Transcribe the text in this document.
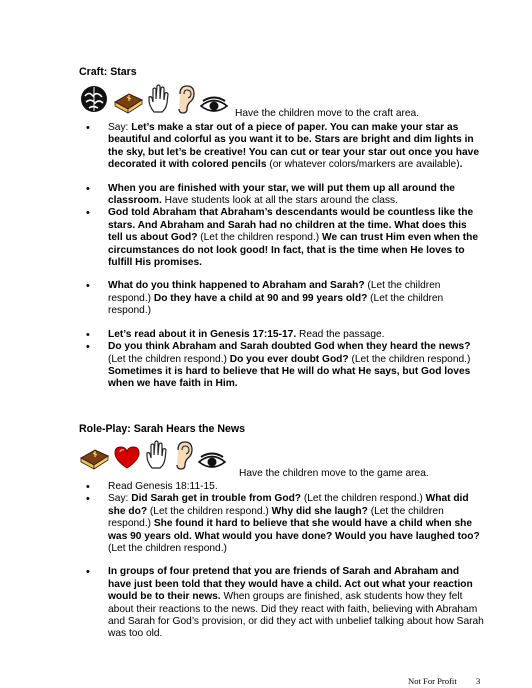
Craft: Stars
Have the children move to the craft area.
• Say: Let’s make a star out of a piece of paper. You can make your star as beautiful and colorful as you want it to be. Stars are bright and dim lights in the sky, but let’s be creative! You can cut or tear your star out once you have decorated it with colored pencils (or whatever colors/markers are available).
• When you are finished with your star, we will put them up all around the classroom. Have students look at all the stars around the class.
• God told Abraham that Abraham’s descendants would be countless like the stars. And Abraham and Sarah had no children at the time. What does this tell us about God? (Let the children respond.) We can trust Him even when the circumstances do not look good! In fact, that is the time when He loves to fulfill His promises.
• What do you think happened to Abraham and Sarah? (Let the children respond.) Do they have a child at 90 and 99 years old? (Let the children respond.)
• Let’s read about it in Genesis 17:15-17. Read the passage.
• Do you think Abraham and Sarah doubted God when they heard the news? (Let the children respond.) Do you ever doubt God? (Let the children respond.) Sometimes it is hard to believe that He will do what He says, but God loves when we have faith in Him.
Role-Play: Sarah Hears the News
Have the children move to the game area.
• Read Genesis 18:11-15.
• Say: Did Sarah get in trouble from God? (Let the children respond.) What did she do? (Let the children respond.) Why did she laugh? (Let the children respond.) She found it hard to believe that she would have a child when she was 90 years old. What would you have done? Would you have laughed too? (Let the children respond.)
• In groups of four pretend that you are friends of Sarah and Abraham and have just been told that they would have a child. Act out what your reaction would be to their news. When groups are finished, ask students how they felt about their reactions to the news. Did they react with faith, believing with Abraham and Sarah for God’s provision, or did they act with unbelief talking about how Sarah was too old.
Not For Profit 3
